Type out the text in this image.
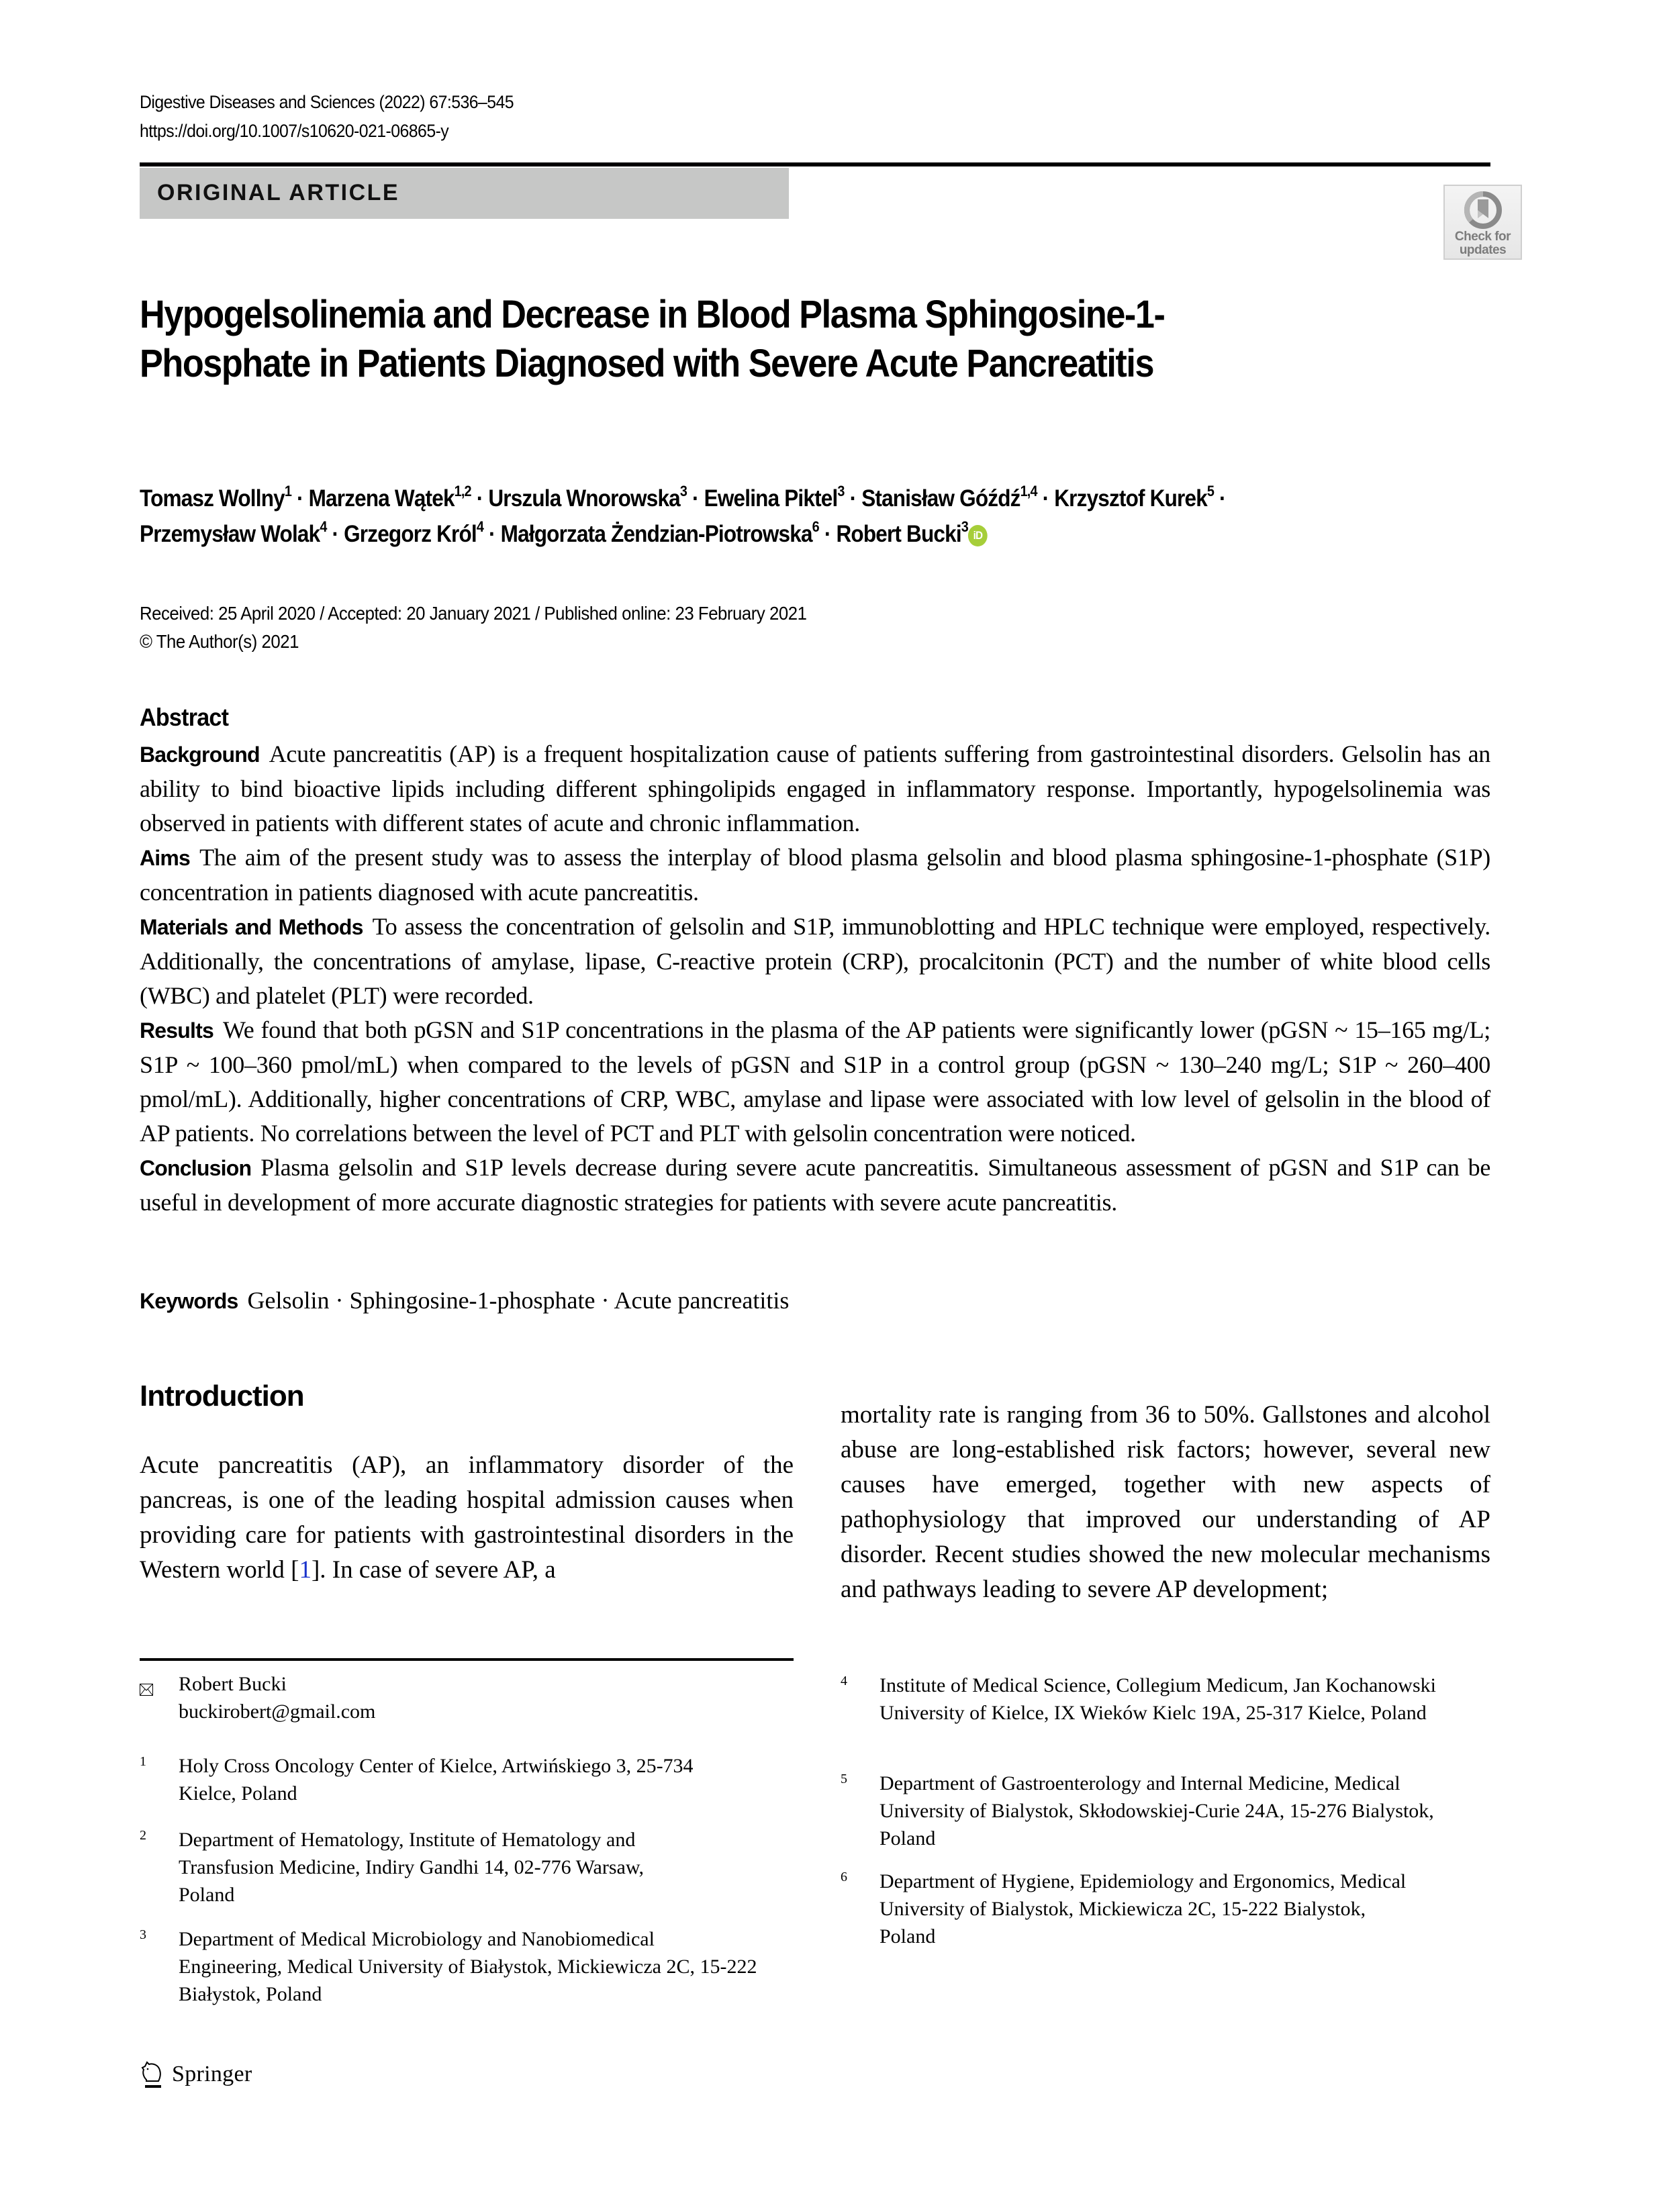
Digestive Diseases and Sciences (2022) 67:536–545
https://doi.org/10.1007/s10620-021-06865-y
ORIGINAL ARTICLE
Check for
updates
Hypogelsolinemia and Decrease in Blood Plasma Sphingosine-1-Phosphate in Patients Diagnosed with Severe Acute Pancreatitis
Tomasz Wollny$^1$ · Marzena Wątek$^{1,2}$ · Urszula Wnorowska$^3$ · Ewelina Piktel$^3$ · Stanisław Góźdź$^{1,4}$ · Krzysztof Kurek$^5$ ·
Przemysław Wolak$^4$ · Grzegorz Król$^4$ · Małgorzata Żendzian-Piotrowska$^6$ · Robert Bucki$^3$iD
Received: 25 April 2020 / Accepted: 20 January 2021 / Published online: 23 February 2021
© The Author(s) 2021
Abstract

Background Acute pancreatitis (AP) is a frequent hospitalization cause of patients suffering from gastrointestinal disorders. Gelsolin has an ability to bind bioactive lipids including different sphingolipids engaged in inflammatory response. Importantly, hypogelsolinemia was observed in patients with different states of acute and chronic inflammation.

Aims The aim of the present study was to assess the interplay of blood plasma gelsolin and blood plasma sphingosine-1-phosphate (S1P) concentration in patients diagnosed with acute pancreatitis.

Materials and Methods To assess the concentration of gelsolin and S1P, immunoblotting and HPLC technique were employed, respectively. Additionally, the concentrations of amylase, lipase, C-reactive protein (CRP), procalcitonin (PCT) and the number of white blood cells (WBC) and platelet (PLT) were recorded.

Results We found that both pGSN and S1P concentrations in the plasma of the AP patients were significantly lower (pGSN ~ 15–165 mg/L; S1P ~ 100–360 pmol/mL) when compared to the levels of pGSN and S1P in a control group (pGSN ~ 130–240 mg/L; S1P ~ 260–400 pmol/mL). Additionally, higher concentrations of CRP, WBC, amylase and lipase were associated with low level of gelsolin in the blood of AP patients. No correlations between the level of PCT and PLT with gelsolin concentration were noticed.

Conclusion Plasma gelsolin and S1P levels decrease during severe acute pancreatitis. Simultaneous assessment of pGSN and S1P can be useful in development of more accurate diagnostic strategies for patients with severe acute pancreatitis.

Keywords Gelsolin · Sphingosine-1-phosphate · Acute pancreatitis
Introduction
Acute pancreatitis (AP), an inflammatory disorder of the pancreas, is one of the leading hospital admission causes when providing care for patients with gastrointestinal disorders in the Western world [1]. In case of severe AP, a
mortality rate is ranging from 36 to 50%. Gallstones and alcohol abuse are long-established risk factors; however, several new causes have emerged, together with new aspects of pathophysiology that improved our understanding of AP disorder. Recent studies showed the new molecular mechanisms and pathways leading to severe AP development;
Robert Bucki
buckirobert@gmail.com
1	Holy Cross Oncology Center of Kielce, Artwińskiego 3, 25-734 Kielce, Poland
2	Department of Hematology, Institute of Hematology and Transfusion Medicine, Indiry Gandhi 14, 02-776 Warsaw, Poland
3	Department of Medical Microbiology and Nanobiomedical Engineering, Medical University of Białystok, Mickiewicza 2C, 15-222 Białystok, Poland
4	Institute of Medical Science, Collegium Medicum, Jan Kochanowski University of Kielce, IX Wieków Kielc 19A, 25-317 Kielce, Poland
5	Department of Gastroenterology and Internal Medicine, Medical University of Bialystok, Skłodowskiej-Curie 24A, 15-276 Bialystok, Poland
6	Department of Hygiene, Epidemiology and Ergonomics, Medical University of Bialystok, Mickiewicza 2C, 15-222 Bialystok, Poland
Springer
